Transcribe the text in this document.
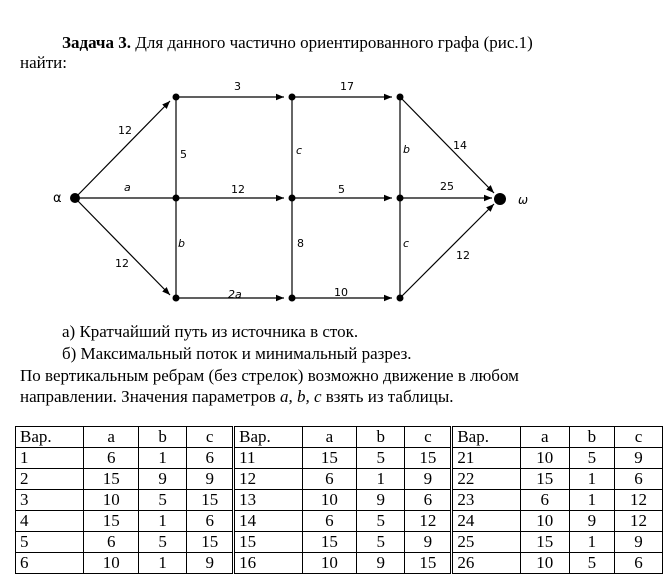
Задача 3. Для данного частично ориентированного графа (рис.1)
найти:
α	ω
3	17
12
a
12
5
b
c
8
b
c
12	5	25
14
12
2a	10
а) Кратчайший путь из источника в сток.
б) Максимальный поток и минимальный разрез.
По вертикальным ребрам (без стрелок) возможно движение в любом
направлении. Значения параметров a, b, c взять из таблицы.
Вар.	a	b	c	Вар.	a	b	c	Вар.	a	b	c
1	6	1	6	11	15	5	15	21	10	5	9
2	15	9	9	12	6	1	9	22	15	1	6
3	10	5	15	13	10	9	6	23	6	1	12
4	15	1	6	14	6	5	12	24	10	9	12
5	6	5	15	15	15	5	9	25	15	1	9
6	10	1	9	16	10	9	15	26	10	5	6
